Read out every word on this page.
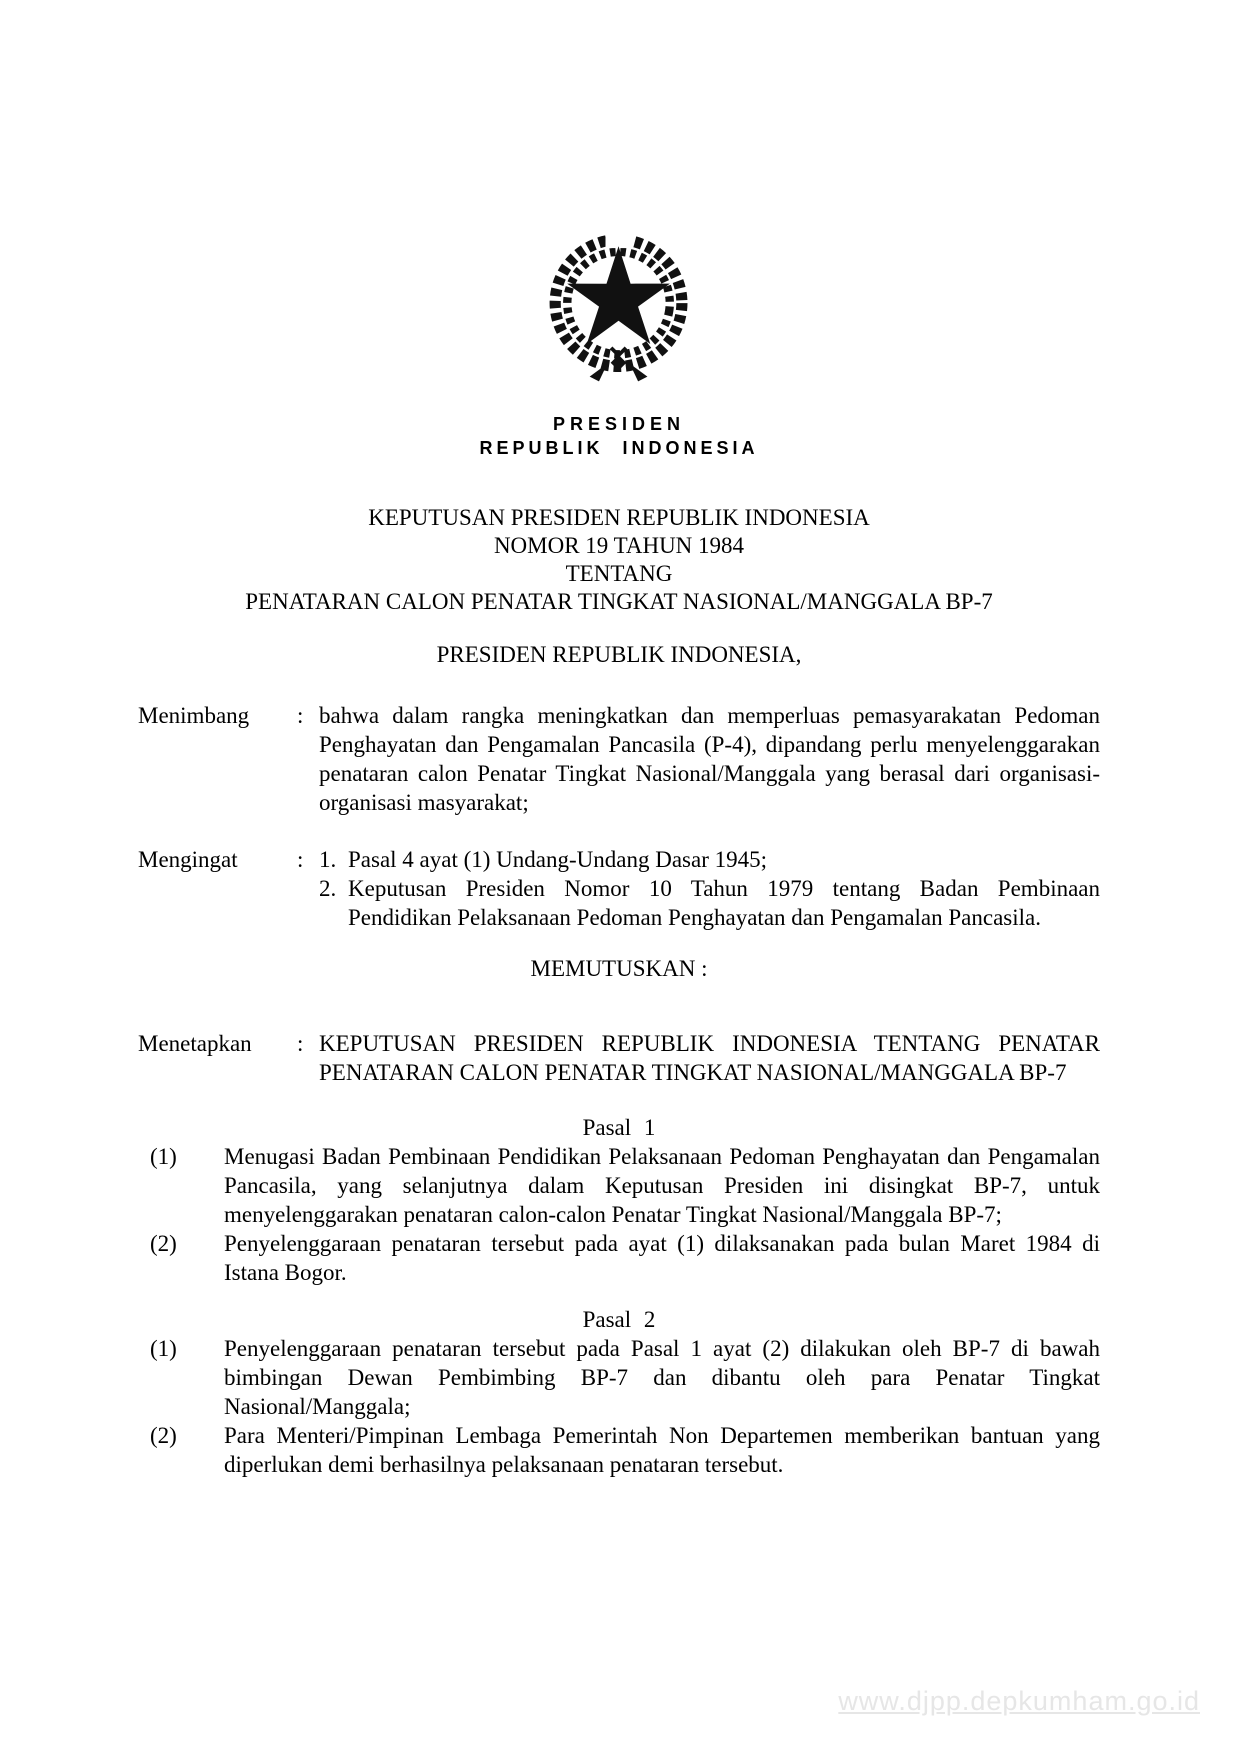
PRESIDEN
REPUBLIK INDONESIA
KEPUTUSAN PRESIDEN REPUBLIK INDONESIA
NOMOR 19 TAHUN 1984
TENTANG
PENATARAN CALON PENATAR TINGKAT NASIONAL/MANGGALA BP-7
PRESIDEN REPUBLIK INDONESIA,
Menimbang	: bahwa dalam rangka meningkatkan dan memperluas pemasyarakatan Pedoman Penghayatan dan Pengamalan Pancasila (P-4), dipandang perlu menyelenggarakan penataran calon Penatar Tingkat Nasional/Manggala yang berasal dari organisasi-organisasi masyarakat;
Mengingat	: 1. Pasal 4 ayat (1) Undang-Undang Dasar 1945;
2. Keputusan Presiden Nomor 10 Tahun 1979 tentang Badan Pembinaan Pendidikan Pelaksanaan Pedoman Penghayatan dan Pengamalan Pancasila.
MEMUTUSKAN :
Menetapkan	: KEPUTUSAN PRESIDEN REPUBLIK INDONESIA TENTANG PENATAR PENATARAN CALON PENATAR TINGKAT NASIONAL/MANGGALA BP-7
Pasal 1
(1)	Menugasi Badan Pembinaan Pendidikan Pelaksanaan Pedoman Penghayatan dan Pengamalan Pancasila, yang selanjutnya dalam Keputusan Presiden ini disingkat BP-7, untuk menyelenggarakan penataran calon-calon Penatar Tingkat Nasional/Manggala BP-7;
(2)	Penyelenggaraan penataran tersebut pada ayat (1) dilaksanakan pada bulan Maret 1984 di Istana Bogor.
Pasal 2
(1)	Penyelenggaraan penataran tersebut pada Pasal 1 ayat (2) dilakukan oleh BP-7 di bawah bimbingan Dewan Pembimbing BP-7 dan dibantu oleh para Penatar Tingkat Nasional/Manggala;
(2)	Para Menteri/Pimpinan Lembaga Pemerintah Non Departemen memberikan bantuan yang diperlukan demi berhasilnya pelaksanaan penataran tersebut.
www.djpp.depkumham.go.id
